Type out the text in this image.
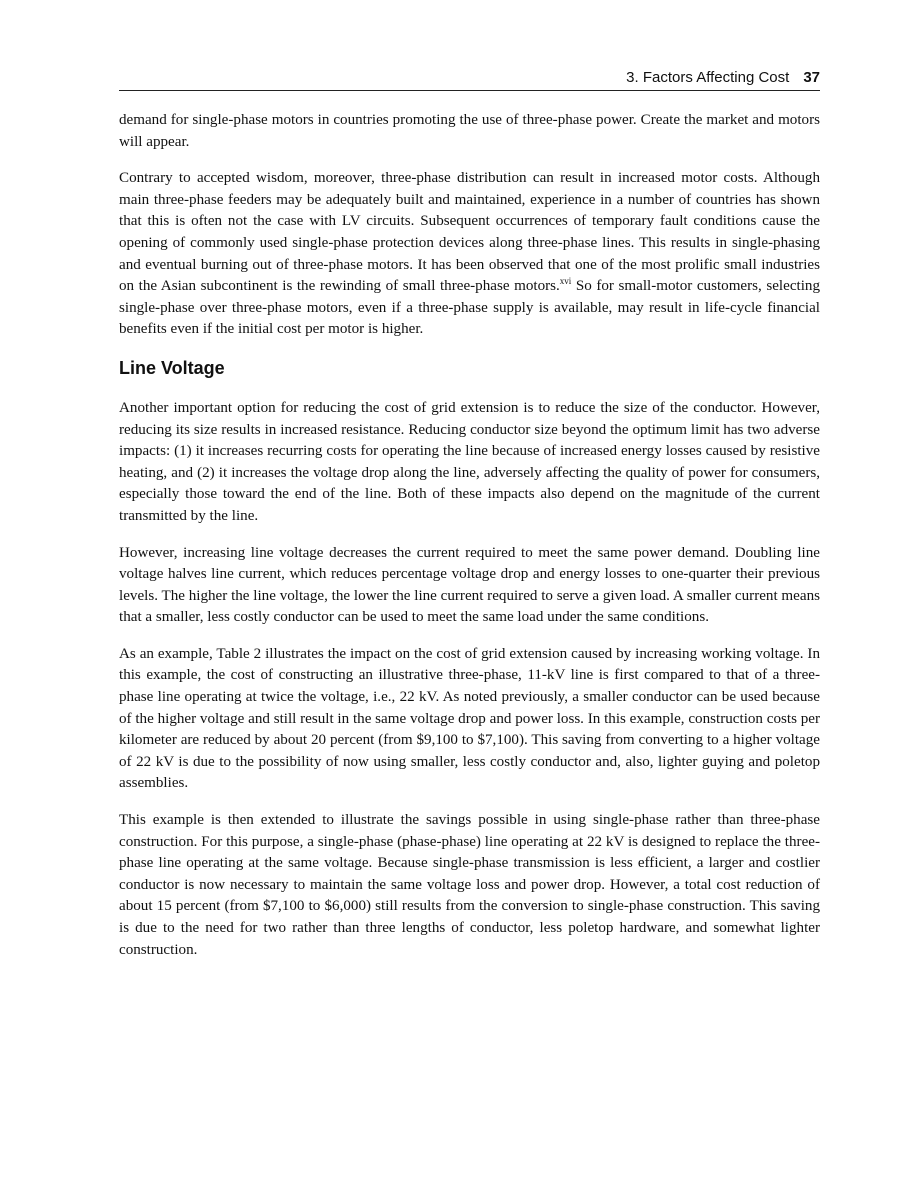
3. Factors Affecting Cost 37

demand for single-phase motors in countries promoting the use of three-phase power. Create the market and motors will appear.

Contrary to accepted wisdom, moreover, three-phase distribution can result in increased motor costs. Although main three-phase feeders may be adequately built and maintained, experience in a number of countries has shown that this is often not the case with LV circuits. Subsequent occurrences of temporary fault conditions cause the opening of commonly used single-phase protection devices along three-phase lines. This results in single-phasing and eventual burning out of three-phase motors. It has been observed that one of the most prolific small industries on the Asian subcontinent is the rewinding of small three-phase motors.$^{xvi}$ So for small-motor customers, selecting single-phase over three-phase motors, even if a three-phase supply is available, may result in life-cycle financial benefits even if the initial cost per motor is higher.

Line Voltage

Another important option for reducing the cost of grid extension is to reduce the size of the conductor. However, reducing its size results in increased resistance. Reducing conductor size beyond the optimum limit has two adverse impacts: (1) it increases recurring costs for operating the line because of increased energy losses caused by resistive heating, and (2) it increases the voltage drop along the line, adversely affecting the quality of power for consumers, especially those toward the end of the line. Both of these impacts also depend on the magnitude of the current transmitted by the line.

However, increasing line voltage decreases the current required to meet the same power demand. Doubling line voltage halves line current, which reduces percentage voltage drop and energy losses to one-quarter their previous levels. The higher the line voltage, the lower the line current required to serve a given load. A smaller current means that a smaller, less costly conductor can be used to meet the same load under the same conditions.

As an example, Table 2 illustrates the impact on the cost of grid extension caused by increasing working voltage. In this example, the cost of constructing an illustrative three-phase, 11-kV line is first compared to that of a three-phase line operating at twice the voltage, i.e., 22 kV. As noted previously, a smaller conductor can be used because of the higher voltage and still result in the same voltage drop and power loss. In this example, construction costs per kilometer are reduced by about 20 percent (from $9,100 to $7,100). This saving from converting to a higher voltage of 22 kV is due to the possibility of now using smaller, less costly conductor and, also, lighter guying and poletop assemblies.

This example is then extended to illustrate the savings possible in using single-phase rather than three-phase construction. For this purpose, a single-phase (phase-phase) line operating at 22 kV is designed to replace the three-phase line operating at the same voltage. Because single-phase transmission is less efficient, a larger and costlier conductor is now necessary to maintain the same voltage loss and power drop. However, a total cost reduction of about 15 percent (from $7,100 to $6,000) still results from the conversion to single-phase construction. This saving is due to the need for two rather than three lengths of conductor, less poletop hardware, and somewhat lighter construction.
